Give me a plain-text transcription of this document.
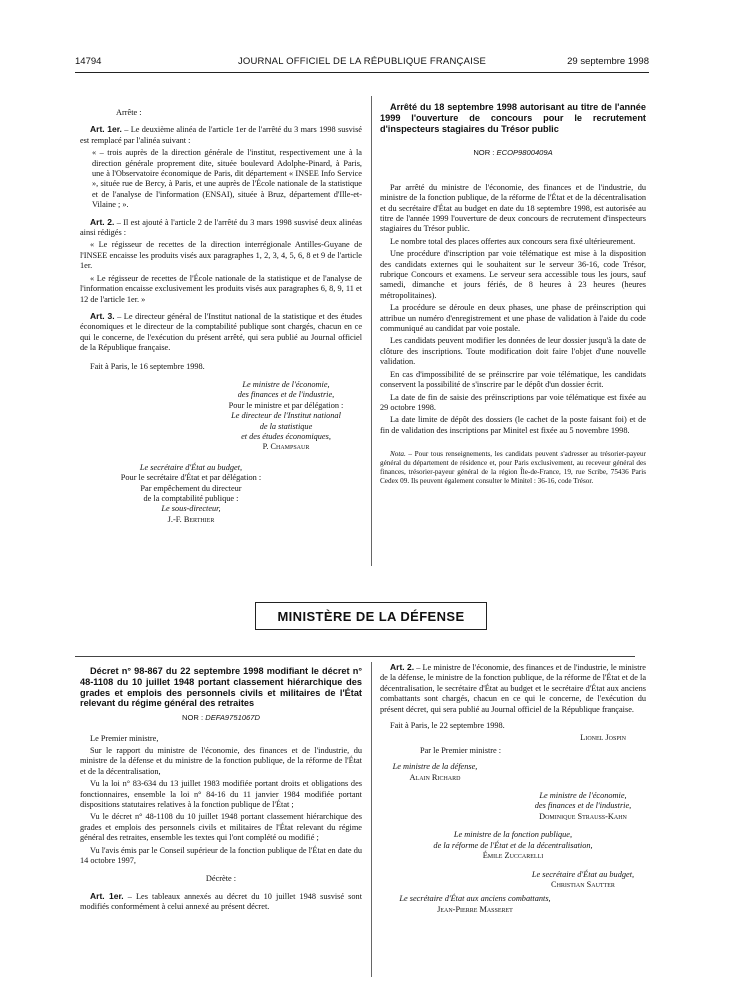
14794	JOURNAL OFFICIEL DE LA RÉPUBLIQUE FRANÇAISE	29 septembre 1998

Arrête :

Art. 1er. – Le deuxième alinéa de l'article 1er de l'arrêté du 3 mars 1998 susvisé est remplacé par l'alinéa suivant :

« – trois auprès de la direction générale de l'institut, respectivement une à la direction générale proprement dite, située boulevard Adolphe-Pinard, à Paris, une à l'Observatoire économique de Paris, dit département « INSEE Info Service », située rue de Bercy, à Paris, et une auprès de l'École nationale de la statistique et de l'analyse de l'information (ENSAI), située à Bruz, département d'Ille-et-Vilaine ; ».

Art. 2. – Il est ajouté à l'article 2 de l'arrêté du 3 mars 1998 susvisé deux alinéas ainsi rédigés :

« Le régisseur de recettes de la direction interrégionale Antilles-Guyane de l'INSEE encaisse les produits visés aux paragraphes 1, 2, 3, 4, 5, 6, 8 et 9 de l'article 1er.

« Le régisseur de recettes de l'École nationale de la statistique et de l'analyse de l'information encaisse exclusivement les produits visés aux paragraphes 6, 8, 9, 11 et 12 de l'article 1er. »

Art. 3. – Le directeur général de l'Institut national de la statistique et des études économiques et le directeur de la comptabilité publique sont chargés, chacun en ce qui le concerne, de l'exécution du présent arrêté, qui sera publié au Journal officiel de la République française.

Fait à Paris, le 16 septembre 1998.

Le ministre de l'économie,
des finances et de l'industrie,
Pour le ministre et par délégation :
Le directeur de l'Institut national
de la statistique
et des études économiques,
P. Champsaur
Le secrétaire d'État au budget,
Pour le secrétaire d'État et par délégation :
Par empêchement du directeur
de la comptabilité publique :
Le sous-directeur,
J.-F. Berthier

Arrêté du 18 septembre 1998 autorisant au titre de l'année 1999 l'ouverture de concours pour le recrutement d'inspecteurs stagiaires du Trésor public

NOR : ECOP9800409A

Par arrêté du ministre de l'économie, des finances et de l'industrie, du ministre de la fonction publique, de la réforme de l'État et de la décentralisation et du secrétaire d'État au budget en date du 18 septembre 1998, est autorisée au titre de l'année 1999 l'ouverture de deux concours de recrutement d'inspecteurs stagiaires du Trésor public.

Le nombre total des places offertes aux concours sera fixé ultérieurement.

Une procédure d'inscription par voie télématique est mise à la disposition des candidats externes qui le souhaitent sur le serveur 36-16, code Trésor, rubrique Concours et examens. Le serveur sera accessible tous les jours, sauf samedi, dimanche et jours fériés, de 8 heures à 23 heures (heures métropolitaines).

La procédure se déroule en deux phases, une phase de préinscription qui attribue un numéro d'enregistrement et une phase de validation à l'aide du code communiqué au candidat par voie postale.

Les candidats peuvent modifier les données de leur dossier jusqu'à la date de clôture des inscriptions. Toute modification doit faire l'objet d'une nouvelle validation.

En cas d'impossibilité de se préinscrire par voie télématique, les candidats conservent la possibilité de s'inscrire par le dépôt d'un dossier écrit.

La date de fin de saisie des préinscriptions par voie télématique est fixée au 29 octobre 1998.

La date limite de dépôt des dossiers (le cachet de la poste faisant foi) et de fin de validation des inscriptions par Minitel est fixée au 5 novembre 1998.

Nota. – Pour tous renseignements, les candidats peuvent s'adresser au trésorier-payeur général du département de résidence et, pour Paris exclusivement, au receveur général des finances, trésorier-payeur général de la région Île-de-France, 19, rue Scribe, 75436 Paris Cedex 09. Ils peuvent également consulter le Minitel : 36-16, code Trésor.

MINISTÈRE DE LA DÉFENSE

Décret n° 98-867 du 22 septembre 1998 modifiant le décret n° 48-1108 du 10 juillet 1948 portant classement hiérarchique des grades et emplois des personnels civils et militaires de l'État relevant du régime général des retraites

NOR : DEFA9751067D

Le Premier ministre,

Sur le rapport du ministre de l'économie, des finances et de l'industrie, du ministre de la défense et du ministre de la fonction publique, de la réforme de l'État et de la décentralisation,

Vu la loi n° 83-634 du 13 juillet 1983 modifiée portant droits et obligations des fonctionnaires, ensemble la loi n° 84-16 du 11 janvier 1984 modifiée portant dispositions statutaires relatives à la fonction publique de l'État ;

Vu le décret n° 48-1108 du 10 juillet 1948 portant classement hiérarchique des grades et emplois des personnels civils et militaires de l'État relevant du régime général des retraites, ensemble les textes qui l'ont complété ou modifié ;

Vu l'avis émis par le Conseil supérieur de la fonction publique de l'État en date du 14 octobre 1997,

Décrète :

Art. 1er. – Les tableaux annexés au décret du 10 juillet 1948 susvisé sont modifiés conformément à celui annexé au présent décret.

Art. 2. – Le ministre de l'économie, des finances et de l'industrie, le ministre de la défense, le ministre de la fonction publique, de la réforme de l'État et de la décentralisation, le secrétaire d'État au budget et le secrétaire d'État aux anciens combattants sont chargés, chacun en ce qui le concerne, de l'exécution du présent décret, qui sera publié au Journal officiel de la République française.

Fait à Paris, le 22 septembre 1998.

Lionel Jospin

Par le Premier ministre :

Le ministre de la défense,
Alain Richard
Le ministre de l'économie,
des finances et de l'industrie,
Dominique Strauss-Kahn
Le ministre de la fonction publique,
de la réforme de l'État et de la décentralisation,
Émile Zuccarelli
Le secrétaire d'État au budget,
Christian Sautter
Le secrétaire d'État aux anciens combattants,
Jean-Pierre Masseret
